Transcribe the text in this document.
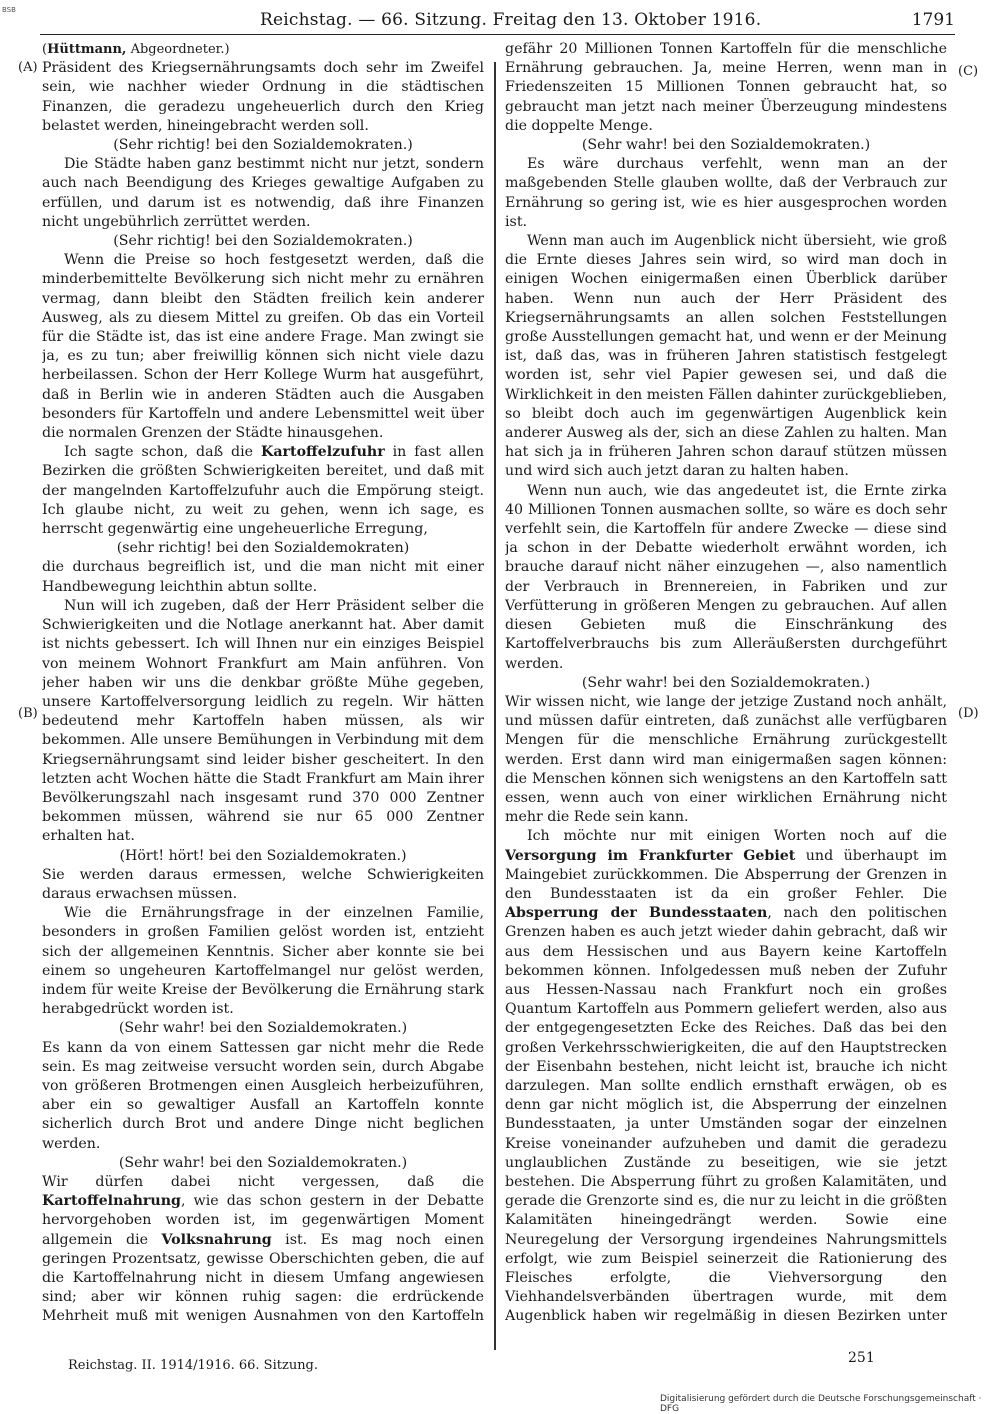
BSB	Reichstag. — 66. Sitzung. Freitag den 13. Oktober 1916.	1791
(A)
(B)
(C)
(D)

(Hüttmann, Abgeordneter.)

Präsident des Kriegsernährungsamts doch sehr im Zweifel sein, wie nachher wieder Ordnung in die städtischen Finanzen, die geradezu ungeheuerlich durch den Krieg belastet werden, hineingebracht werden soll.

(Sehr richtig! bei den Sozialdemokraten.)

Die Städte haben ganz bestimmt nicht nur jetzt, sondern auch nach Beendigung des Krieges gewaltige Aufgaben zu erfüllen, und darum ist es notwendig, daß ihre Finanzen nicht ungebührlich zerrüttet werden.

(Sehr richtig! bei den Sozialdemokraten.)

Wenn die Preise so hoch festgesetzt werden, daß die minderbemittelte Bevölkerung sich nicht mehr zu ernähren vermag, dann bleibt den Städten freilich kein anderer Ausweg, als zu diesem Mittel zu greifen. Ob das ein Vorteil für die Städte ist, das ist eine andere Frage. Man zwingt sie ja, es zu tun; aber freiwillig können sich nicht viele dazu herbeilassen. Schon der Herr Kollege Wurm hat ausgeführt, daß in Berlin wie in anderen Städten auch die Ausgaben besonders für Kartoffeln und andere Lebensmittel weit über die normalen Grenzen der Städte hinausgehen.

Ich sagte schon, daß die Kartoffelzufuhr in fast allen Bezirken die größten Schwierigkeiten bereitet, und daß mit der mangelnden Kartoffelzufuhr auch die Empörung steigt. Ich glaube nicht, zu weit zu gehen, wenn ich sage, es herrscht gegenwärtig eine ungeheuerliche Erregung,

(sehr richtig! bei den Sozialdemokraten)

die durchaus begreiflich ist, und die man nicht mit einer Handbewegung leichthin abtun sollte.

Nun will ich zugeben, daß der Herr Präsident selber die Schwierigkeiten und die Notlage anerkannt hat. Aber damit ist nichts gebessert. Ich will Ihnen nur ein einziges Beispiel von meinem Wohnort Frankfurt am Main anführen. Von jeher haben wir uns die denkbar größte Mühe gegeben, unsere Kartoffelversorgung leidlich zu regeln. Wir hätten bedeutend mehr Kartoffeln haben müssen, als wir bekommen. Alle unsere Bemühungen in Verbindung mit dem Kriegsernährungsamt sind leider bisher gescheitert. In den letzten acht Wochen hätte die Stadt Frankfurt am Main ihrer Bevölkerungszahl nach insgesamt rund 370 000 Zentner bekommen müssen, während sie nur 65 000 Zentner erhalten hat.

(Hört! hört! bei den Sozialdemokraten.)

Sie werden daraus ermessen, welche Schwierigkeiten daraus erwachsen müssen.

Wie die Ernährungsfrage in der einzelnen Familie, besonders in großen Familien gelöst worden ist, entzieht sich der allgemeinen Kenntnis. Sicher aber konnte sie bei einem so ungeheuren Kartoffelmangel nur gelöst werden, indem für weite Kreise der Bevölkerung die Ernährung stark herabgedrückt worden ist.

(Sehr wahr! bei den Sozialdemokraten.)

Es kann da von einem Sattessen gar nicht mehr die Rede sein. Es mag zeitweise versucht worden sein, durch Abgabe von größeren Brotmengen einen Ausgleich herbeizuführen, aber ein so gewaltiger Ausfall an Kartoffeln konnte sicherlich durch Brot und andere Dinge nicht beglichen werden.

(Sehr wahr! bei den Sozialdemokraten.)

Wir dürfen dabei nicht vergessen, daß die Kartoffelnahrung, wie das schon gestern in der Debatte hervorgehoben worden ist, im gegenwärtigen Moment allgemein die Volksnahrung ist. Es mag noch einen geringen Prozentsatz, gewisse Oberschichten geben, die auf die Kartoffelnahrung nicht in diesem Umfang angewiesen sind; aber wir können ruhig sagen: die erdrückende Mehrheit muß mit wenigen Ausnahmen von den Kartoffeln

gefähr 20 Millionen Tonnen Kartoffeln für die menschliche Ernährung gebrauchen. Ja, meine Herren, wenn man in Friedenszeiten 15 Millionen Tonnen gebraucht hat, so gebraucht man jetzt nach meiner Überzeugung mindestens die doppelte Menge.

(Sehr wahr! bei den Sozialdemokraten.)

Es wäre durchaus verfehlt, wenn man an der maßgebenden Stelle glauben wollte, daß der Verbrauch zur Ernährung so gering ist, wie es hier ausgesprochen worden ist.

Wenn man auch im Augenblick nicht übersieht, wie groß die Ernte dieses Jahres sein wird, so wird man doch in einigen Wochen einigermaßen einen Überblick darüber haben. Wenn nun auch der Herr Präsident des Kriegsernährungsamts an allen solchen Feststellungen große Ausstellungen gemacht hat, und wenn er der Meinung ist, daß das, was in früheren Jahren statistisch festgelegt worden ist, sehr viel Papier gewesen sei, und daß die Wirklichkeit in den meisten Fällen dahinter zurückgeblieben, so bleibt doch auch im gegenwärtigen Augenblick kein anderer Ausweg als der, sich an diese Zahlen zu halten. Man hat sich ja in früheren Jahren schon darauf stützen müssen und wird sich auch jetzt daran zu halten haben.

Wenn nun auch, wie das angedeutet ist, die Ernte zirka 40 Millionen Tonnen ausmachen sollte, so wäre es doch sehr verfehlt sein, die Kartoffeln für andere Zwecke — diese sind ja schon in der Debatte wiederholt erwähnt worden, ich brauche darauf nicht näher einzugehen —, also namentlich der Verbrauch in Brennereien, in Fabriken und zur Verfütterung in größeren Mengen zu gebrauchen. Auf allen diesen Gebieten muß die Einschränkung des Kartoffelverbrauchs bis zum Alleräußersten durchgeführt werden.

(Sehr wahr! bei den Sozialdemokraten.)

Wir wissen nicht, wie lange der jetzige Zustand noch anhält, und müssen dafür eintreten, daß zunächst alle verfügbaren Mengen für die menschliche Ernährung zurückgestellt werden. Erst dann wird man einigermaßen sagen können: die Menschen können sich wenigstens an den Kartoffeln satt essen, wenn auch von einer wirklichen Ernährung nicht mehr die Rede sein kann.

Ich möchte nur mit einigen Worten noch auf die Versorgung im Frankfurter Gebiet und überhaupt im Maingebiet zurückkommen. Die Absperrung der Grenzen in den Bundesstaaten ist da ein großer Fehler. Die Absperrung der Bundesstaaten, nach den politischen Grenzen haben es auch jetzt wieder dahin gebracht, daß wir aus dem Hessischen und aus Bayern keine Kartoffeln bekommen können. Infolgedessen muß neben der Zufuhr aus Hessen-Nassau nach Frankfurt noch ein großes Quantum Kartoffeln aus Pommern geliefert werden, also aus der entgegengesetzten Ecke des Reiches. Daß das bei den großen Verkehrsschwierigkeiten, die auf den Hauptstrecken der Eisenbahn bestehen, nicht leicht ist, brauche ich nicht darzulegen. Man sollte endlich ernsthaft erwägen, ob es denn gar nicht möglich ist, die Absperrung der einzelnen Bundesstaaten, ja unter Umständen sogar der einzelnen Kreise voneinander aufzuheben und damit die geradezu unglaublichen Zustände zu beseitigen, wie sie jetzt bestehen. Die Absperrung führt zu großen Kalamitäten, und gerade die Grenzorte sind es, die nur zu leicht in die größten Kalamitäten hineingedrängt werden. Sowie eine Neuregelung der Versorgung irgendeines Nahrungsmittels erfolgt, wie zum Beispiel seinerzeit die Rationierung des Fleisches erfolgte, die Viehversorgung den Viehhandelsverbänden übertragen wurde, mit dem Augenblick haben wir regelmäßig in diesen Bezirken unter

Reichstag. II. 1914/1916. 66. Sitzung.	251
Digitalisierung gefördert durch die Deutsche Forschungsgemeinschaft · DFG
